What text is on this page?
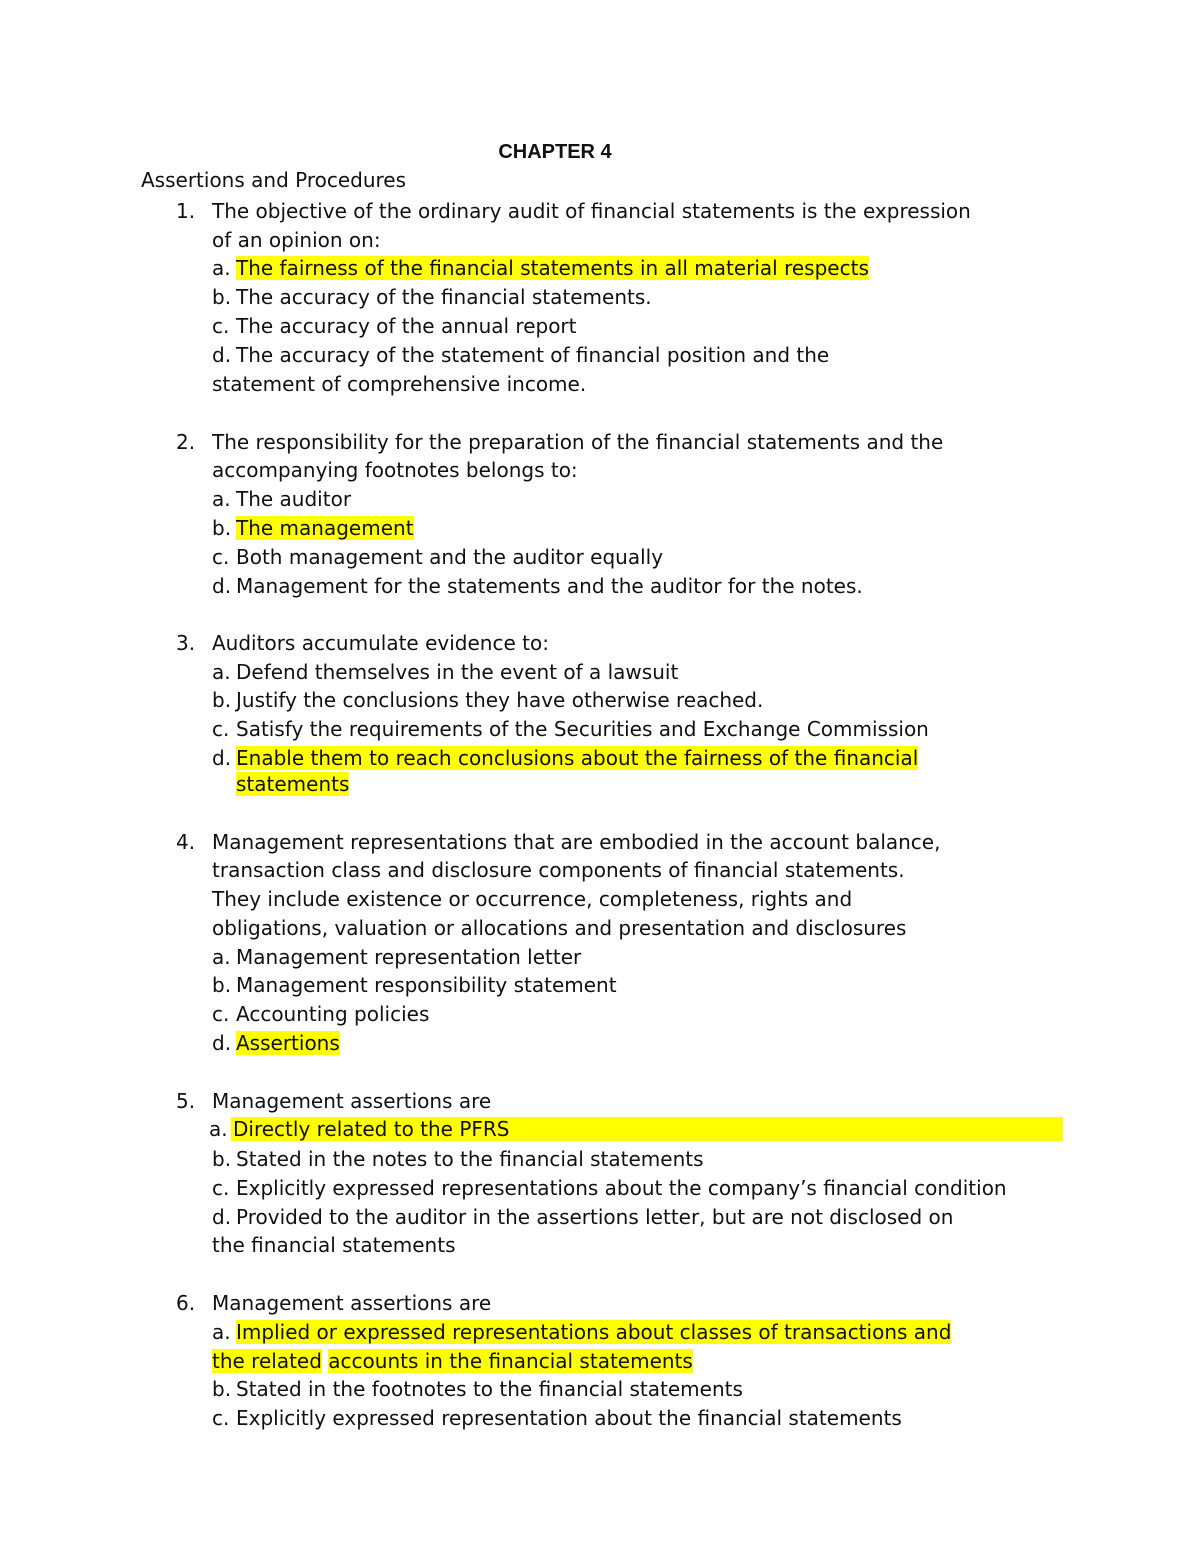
CHAPTER 4
Assertions and Procedures
1. The objective of the ordinary audit of financial statements is the expression
of an opinion on:
a. The fairness of the financial statements in all material respects
b. The accuracy of the financial statements.
c. The accuracy of the annual report
d. The accuracy of the statement of financial position and the
statement of comprehensive income.
2. The responsibility for the preparation of the financial statements and the
accompanying footnotes belongs to:
a. The auditor
b. The management
c. Both management and the auditor equally
d. Management for the statements and the auditor for the notes.
3. Auditors accumulate evidence to:
a. Defend themselves in the event of a lawsuit
b. Justify the conclusions they have otherwise reached.
c. Satisfy the requirements of the Securities and Exchange Commission
d. Enable them to reach conclusions about the fairness of the financial
statements
4. Management representations that are embodied in the account balance,
transaction class and disclosure components of financial statements.
They include existence or occurrence, completeness, rights and
obligations, valuation or allocations and presentation and disclosures
a. Management representation letter
b. Management responsibility statement
c. Accounting policies
d. Assertions
5. Management assertions are
a. Directly related to the PFRS
b. Stated in the notes to the financial statements
c. Explicitly expressed representations about the company’s financial condition
d. Provided to the auditor in the assertions letter, but are not disclosed on
the financial statements
6. Management assertions are
a. Implied or expressed representations about classes of transactions and
the related accounts in the financial statements
b. Stated in the footnotes to the financial statements
c. Explicitly expressed representation about the financial statements
